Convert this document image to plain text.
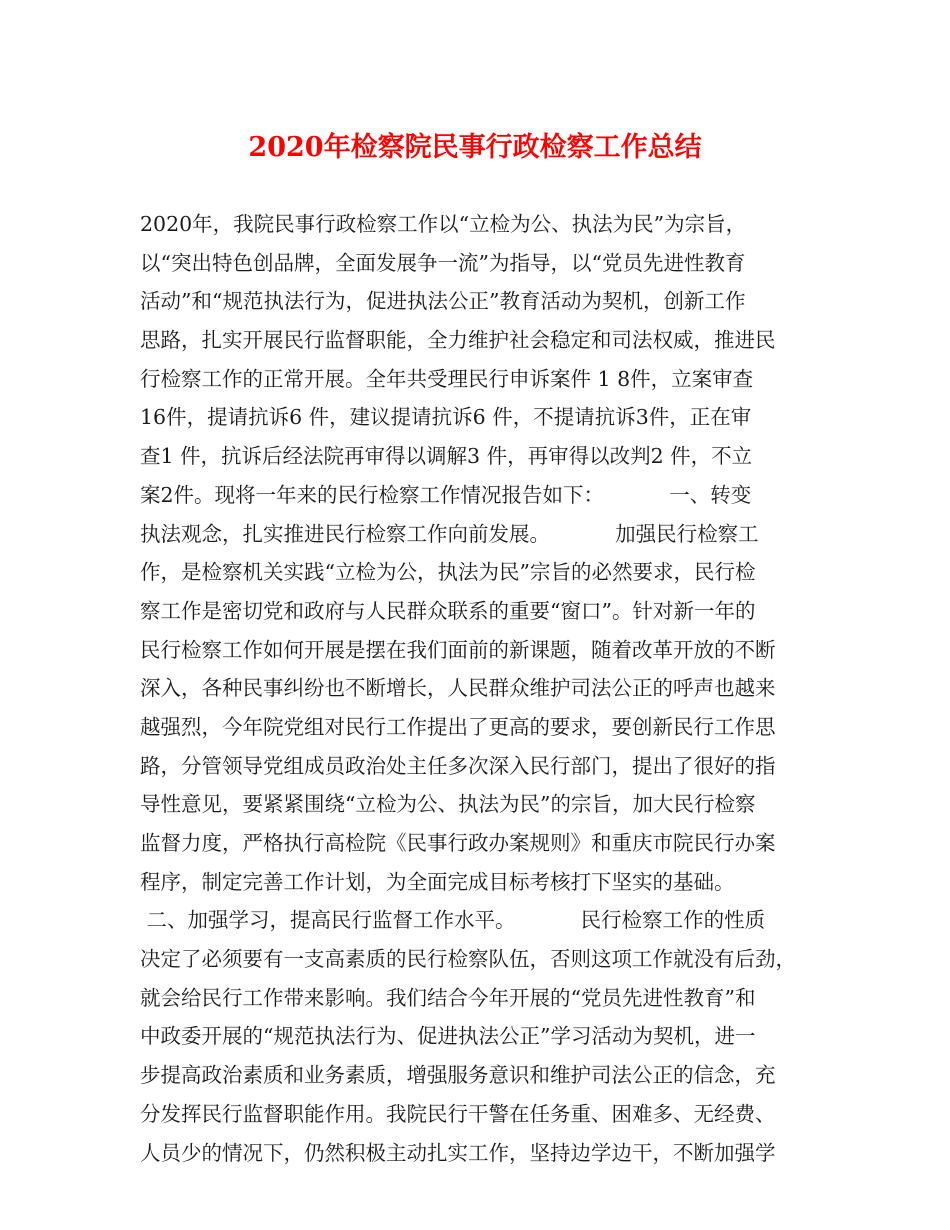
2020年检察院民事行政检察工作总结
2020年，我院民事行政检察工作以“立检为公、执法为民”为宗旨，
以“突出特色创品牌，全面发展争一流”为指导，以“党员先进性教育
活动”和“规范执法行为，促进执法公正”教育活动为契机，创新工作
思路，扎实开展民行监督职能，全力维护社会稳定和司法权威，推进民
行检察工作的正常开展。全年共受理民行申诉案件 1 8件，立案审查
16件，提请抗诉6 件，建议提请抗诉6 件，不提请抗诉3件，正在审
查1 件，抗诉后经法院再审得以调解3 件，再审得以改判2 件，不立
案2件。现将一年来的民行检察工作情况报告如下：          一、转变
执法观念，扎实推进民行检察工作向前发展。          加强民行检察工
作，是检察机关实践“立检为公，执法为民”宗旨的必然要求，民行检
察工作是密切党和政府与人民群众联系的重要“窗口”。针对新一年的
民行检察工作如何开展是摆在我们面前的新课题，随着改革开放的不断
深入，各种民事纠纷也不断增长，人民群众维护司法公正的呼声也越来
越强烈，今年院党组对民行工作提出了更高的要求，要创新民行工作思
路，分管领导党组成员政治处主任多次深入民行部门，提出了很好的指
导性意见，要紧紧围绕“立检为公、执法为民”的宗旨，加大民行检察
监督力度，严格执行高检院《民事行政办案规则》和重庆市院民行办案
程序，制定完善工作计划，为全面完成目标考核打下坚实的基础。
二、加强学习，提高民行监督工作水平。          民行检察工作的性质
决定了必须要有一支高素质的民行检察队伍，否则这项工作就没有后劲，
就会给民行工作带来影响。我们结合今年开展的“党员先进性教育”和
中政委开展的“规范执法行为、促进执法公正”学习活动为契机，进一
步提高政治素质和业务素质，增强服务意识和维护司法公正的信念，充
分发挥民行监督职能作用。我院民行干警在任务重、困难多、无经费、
人员少的情况下，仍然积极主动扎实工作，坚持边学边干，不断加强学
